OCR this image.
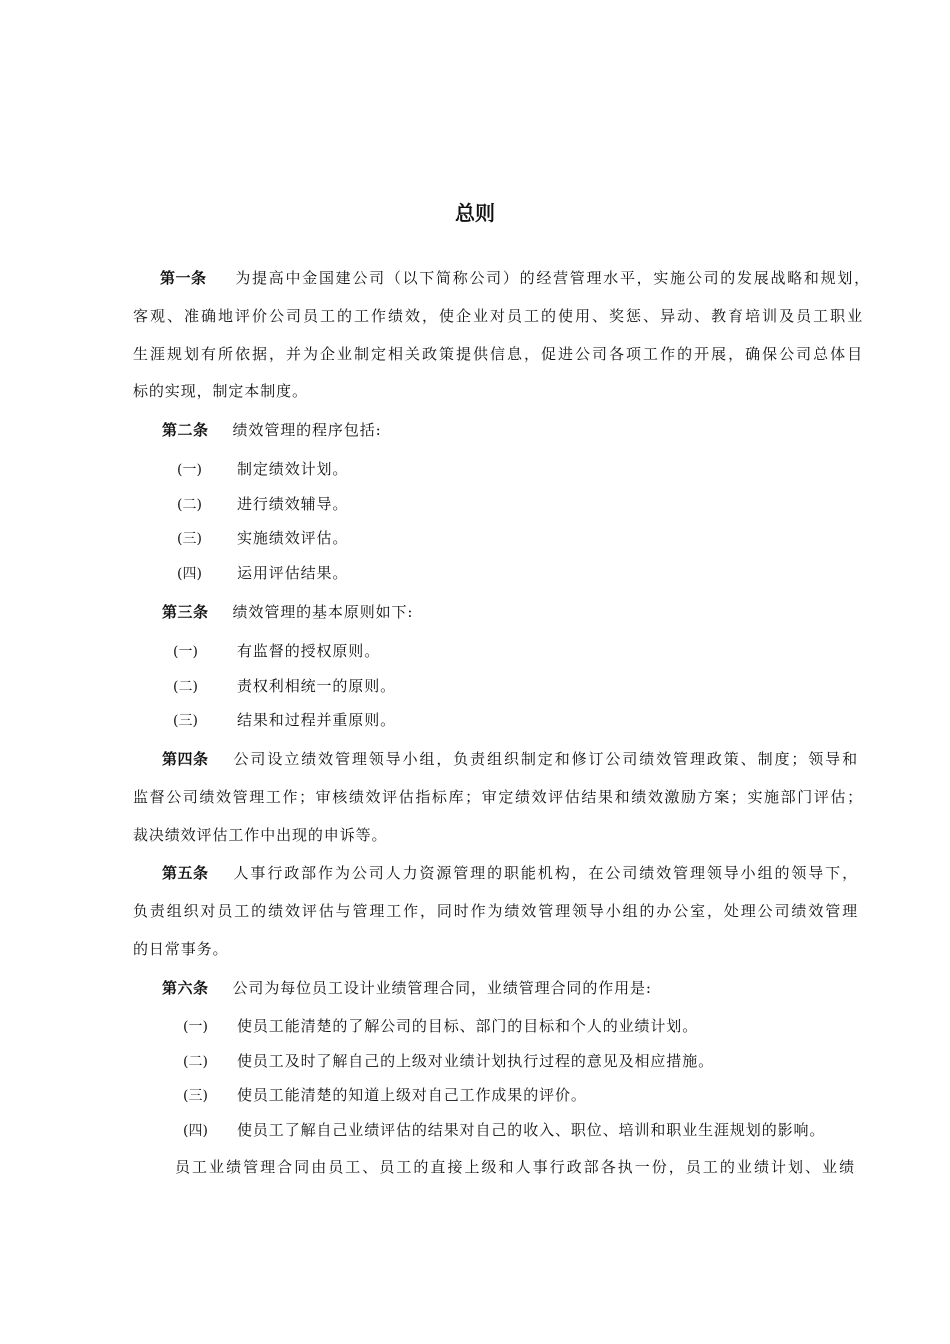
总则
第一条 为提高中金国建公司（以下简称公司）的经营管理水平，实施公司的发展战略和规划，
客观、准确地评价公司员工的工作绩效，使企业对员工的使用、奖惩、异动、教育培训及员工职业
生涯规划有所依据，并为企业制定相关政策提供信息，促进公司各项工作的开展，确保公司总体目
标的实现，制定本制度。
第二条 绩效管理的程序包括:
(一) 制定绩效计划。
(二) 进行绩效辅导。
(三) 实施绩效评估。
(四) 运用评估结果。
第三条 绩效管理的基本原则如下:
(一)	有监督的授权原则。
(二)	责权利相统一的原则。
(三)	结果和过程并重原则。
第四条 公司设立绩效管理领导小组，负责组织制定和修订公司绩效管理政策、制度；领导和
监督公司绩效管理工作；审核绩效评估指标库；审定绩效评估结果和绩效激励方案；实施部门评估；
裁决绩效评估工作中出现的申诉等。
第五条 人事行政部作为公司人力资源管理的职能机构，在公司绩效管理领导小组的领导下，
负责组织对员工的绩效评估与管理工作，同时作为绩效管理领导小组的办公室，处理公司绩效管理
的日常事务。
第六条 公司为每位员工设计业绩管理合同，业绩管理合同的作用是:
(一) 使员工能清楚的了解公司的目标、部门的目标和个人的业绩计划。
(二) 使员工及时了解自己的上级对业绩计划执行过程的意见及相应措施。
(三) 使员工能清楚的知道上级对自己工作成果的评价。
(四) 使员工了解自己业绩评估的结果对自己的收入、职位、培训和职业生涯规划的影响。
员工业绩管理合同由员工、员工的直接上级和人事行政部各执一份，员工的业绩计划、业绩
